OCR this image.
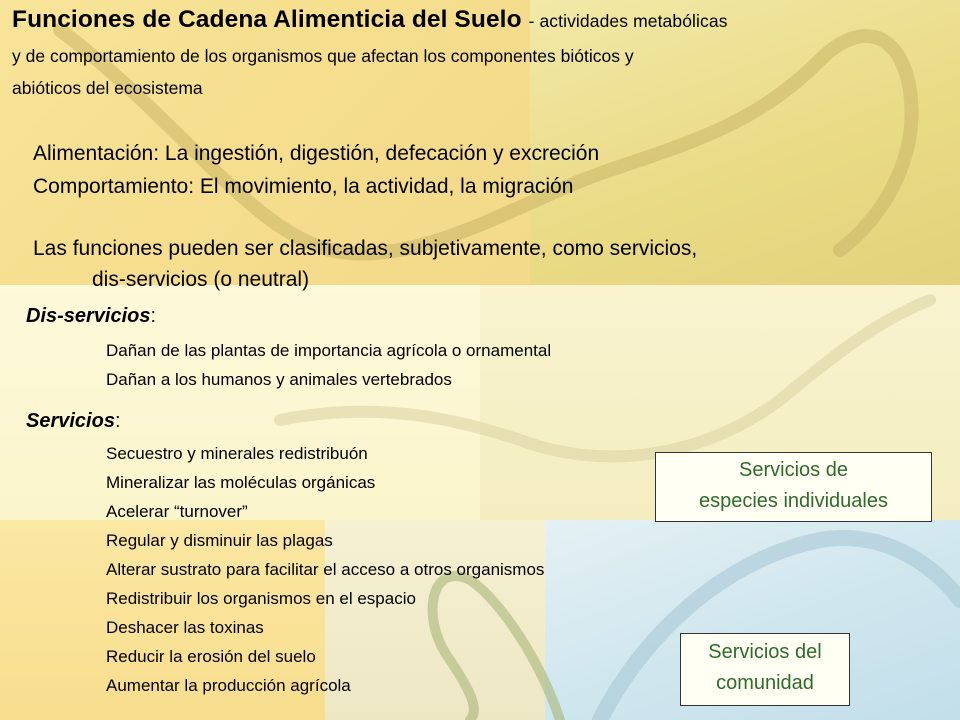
Funciones de Cadena Alimenticia del Suelo - actividades metabólicas
y de comportamiento de los organismos que afectan los componentes bióticos y
abióticos del ecosistema
Alimentación: La ingestión, digestión, defecación y excreción
Comportamiento: El movimiento, la actividad, la migración
Las funciones pueden ser clasificadas, subjetivamente, como servicios,
dis-servicios (o neutral)
Dis-servicios:
Dañan de las plantas de importancia agrícola o ornamental
Dañan a los humanos y animales vertebrados
Servicios:
Secuestro y minerales redistribuón
Mineralizar las moléculas orgánicas
Acelerar “turnover”
Regular y disminuir las plagas
Alterar sustrato para facilitar el acceso a otros organismos
Redistribuir los organismos en el espacio
Deshacer las toxinas
Reducir la erosión del suelo
Aumentar la producción agrícola
Servicios de
especies individuales
Servicios del
comunidad
